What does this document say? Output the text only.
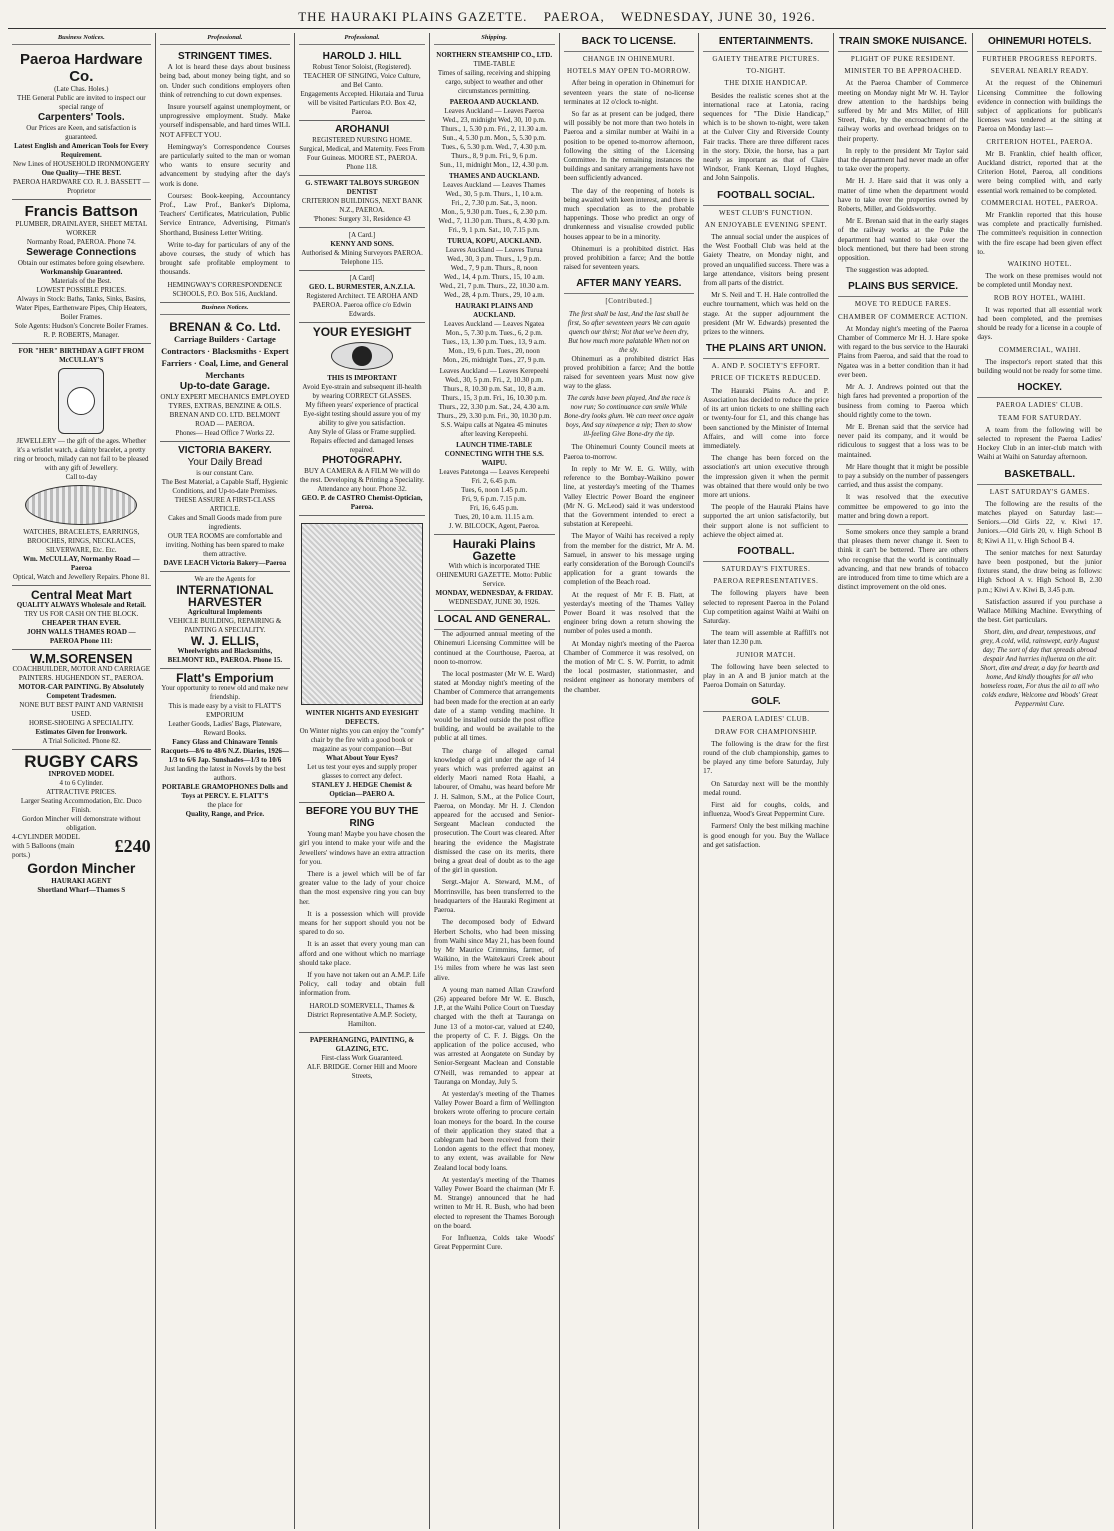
THE HAURAKI PLAINS GAZETTE. PAEROA, WEDNESDAY, JUNE 30, 1926.
Business Notices.
Paeroa Hardware Co.
(Late Chas. Holes.)
THE General Public are invited to inspect our special range of
Carpenters' Tools.
Our Prices are Keen, and satisfaction is guaranteed.
Latest English and American Tools for Every Requirement.
New Lines of HOUSEHOLD IRONMONGERY
One Quality—THE BEST.
PAEROA HARDWARE CO. R. J. BASSETT — Proprietor
Francis Battson
PLUMBER, DRAINLAYER, SHEET METAL WORKER
Normanby Road, PAEROA. Phone 74.
Sewerage Connections
Obtain our estimates before going elsewhere.
Workmanship Guaranteed.
Materials of the Best.
LOWEST POSSIBLE PRICES.
Always in Stock: Baths, Tanks, Sinks, Basins, Water Pipes, Earthenware Pipes, Chip Heaters, Boiler Frames.
Sole Agents: Hudson's Concrete Boiler Frames.
R. P. ROBERTS, Manager.
FOR "HER" BIRTHDAY A GIFT FROM McCULLAY'S
JEWELLERY — the gift of the ages. Whether it's a wristlet watch, a dainty bracelet, a pretty ring or brooch, milady can not fail to be pleased with any gift of Jewellery.
Call to-day
WATCHES, BRACELETS, EARRINGS, BROOCHES, RINGS, NECKLACES, SILVERWARE, Etc. Etc.
Wm. McCULLAY, Normanby Road — Paeroa
Optical, Watch and Jewellery Repairs. Phone 81.
Central Meat Mart
QUALITY ALWAYS Wholesale and Retail.
TRY US FOR CASH ON THE BLOCK.
CHEAPER THAN EVER.
JOHN WALLS THAMES ROAD — PAEROA Phone 111:
W.M.SORENSEN
COACHBUILDER, MOTOR AND CARRIAGE PAINTERS. HUGHENDON ST., PAEROA.
MOTOR-CAR PAINTING. By Absolutely Competent Tradesmen.
NONE BUT BEST PAINT AND VARNISH USED.
HORSE-SHOEING A SPECIALITY.
Estimates Given for Ironwork.
A Trial Solicited. Phone 82.
RUGBY CARS
INPROVED MODEL
4 to 6 Cylinder.
ATTRACTIVE PRICES.
Larger Seating Accommodation, Etc. Duco Finish.
Gordon Mincher will demonstrate without obligation.
4-CYLINDER MODEL with 5 Balloons (main ports.)	£240
Gordon Mincher
HAURAKI AGENT
Shortland Wharf—Thames S
Professional.
STRINGENT TIMES.

A lot is heard these days about business being bad, about money being tight, and so on. Under such conditions employers often think of retrenching to cut down expenses.

Insure yourself against unemployment, or unprogressive employment. Study. Make yourself indispensable, and hard times WILL NOT AFFECT YOU.

Hemingway's Correspondence Courses are particularly suited to the man or woman who wants to ensure security and advancement by studying after the day's work is done.

Courses: Book-keeping, Accountancy Prof., Law Prof., Banker's Diploma, Teachers' Certificates, Matriculation, Public Service Entrance, Advertising, Pitman's Shorthand, Business Letter Writing.

Write to-day for particulars of any of the above courses, the study of which has brought safe profitable employment to thousands.

HEMINGWAY'S CORRESPONDENCE SCHOOLS, P.O. Box 516, Auckland.
Business Notices.
BRENAN & Co. Ltd.
Carriage Builders · Cartage Contractors · Blacksmiths · Expert Farriers · Coal, Lime, and General Merchants
Up-to-date Garage.
ONLY EXPERT MECHANICS EMPLOYED
TYRES, EXTRAS, BENZINE & OILS.
BRENAN AND CO. LTD. BELMONT ROAD — PAEROA.
Phones— Head Office 7 Works 22.
VICTORIA BAKERY.
Your Daily Bread
is our constant Care.
The Best Material, a Capable Staff, Hygienic Conditions, and Up-to-date Premises.
THESE ASSURE A FIRST-CLASS ARTICLE.
Cakes and Small Goods made from pure ingredients.
OUR TEA ROOMS are comfortable and inviting. Nothing has been spared to make them attractive.
DAVE LEACH Victoria Bakery—Paeroa
We are the Agents for
INTERNATIONAL HARVESTER
Agricultural Implements
VEHICLE BUILDING, REPAIRING & PAINTING A SPECIALITY.
W. J. ELLIS,
Wheelwrights and Blacksmiths,
BELMONT RD., PAEROA. Phone 15.
Flatt's Emporium
Your opportunity to renew old and make new friendship.
This is made easy by a visit to FLATT'S EMPORIUM
Leather Goods, Ladies' Bags, Plateware, Reward Books.
Fancy Glass and Chinaware Tennis Racquets—8/6 to 48/6 N.Z. Diaries, 1926—1/3 to 6/6 Jap. Sunshades—1/3 to 10/6
Just landing the latest in Novels by the best authors.
PORTABLE GRAMOPHONES Dolls and Toys at PERCY. E. FLATT'S
the place for
Quality, Range, and Price.
Professional.
HAROLD J. HILL
Robust Tenor Soloist, (Registered). TEACHER OF SINGING, Voice Culture, and Bel Canto.
Engagements Accepted. Hikutaia and Turua will be visited Particulars P.O. Box 42, Paeroa.
AROHANUI
REGISTERED NURSING HOME. Surgical, Medical, and Maternity. Fees From Four Guineas. MOORE ST., PAEROA. Phone 118.
G. STEWART TALBOYS SURGEON DENTIST
CRITERION BUILDINGS, NEXT BANK N.Z., PAEROA.
'Phones: Surgery 31, Residence 43
[A Card.]
KENNY AND SONS.
Authorised & Mining Surveyors PAEROA. Telephone 115.
[A Card]
GEO. L. BURMESTER, A.N.Z.I.A.
Registered Architect. TE AROHA AND PAEROA. Paeroa office c/o Edwin Edwards.
YOUR EYESIGHT
THIS IS IMPORTANT
Avoid Eye-strain and subsequent ill-health by wearing CORRECT GLASSES.
My fifteen years' experience of practical Eye-sight testing should assure you of my ability to give you satisfaction.
Any Style of Glass or Frame supplied. Repairs effected and damaged lenses repaired.
PHOTOGRAPHY.
BUY A CAMERA & A FILM We will do the rest. Developing & Printing a Speciality. Attendance any hour. Phone 32.
GEO. P. de CASTRO Chemist-Optician, Paeroa.
WINTER NIGHTS AND EYESIGHT DEFECTS.
On Winter nights you can enjoy the "comfy" chair by the fire with a good book or magazine as your companion—But
What About Your Eyes?
Let us test your eyes and supply proper glasses to correct any defect.
STANLEY J. HEDGE Chemist & Optician—PAERO A.
BEFORE YOU BUY THE RING

Young man! Maybe you have chosen the girl you intend to make your wife and the Jewellers' windows have an extra attraction for you.

There is a jewel which will be of far greater value to the lady of your choice than the most expensive ring you can buy her.

It is a possession which will provide means for her support should you not be spared to do so.

It is an asset that every young man can afford and one without which no marriage should take place.

If you have not taken out an A.M.P. Life Policy, call today and obtain full information from.

HAROLD SOMERVELL, Thames & District Representative A.M.P. Society, Hamilton.
PAPERHANGING, PAINTING, & GLAZING, ETC.
First-class Work Guaranteed.
ALF. BRIDGE. Corner Hill and Moore Streets,
Shipping.
NORTHERN STEAMSHIP CO., LTD.
TIME-TABLE
Times of sailing, receiving and shipping cargo, subject to weather and other circumstances permitting.
PAEROA AND AUCKLAND.
Leaves Auckland — Leaves Paeroa
Wed., 23, midnight Wed, 30, 10 p.m.
Thurs., 1, 5.30 p.m. Fri., 2, 11.30 a.m.
Sun., 4, 5.30 p.m. Mon., 5, 5.30 p.m.
Tues., 6, 5.30 p.m. Wed., 7, 4.30 p.m.
Thurs., 8, 9 p.m. Fri., 9, 6 p.m.
Sun., 11, midnight Mon., 12, 4.30 p.m.
THAMES AND AUCKLAND.
Leaves Auckland — Leaves Thames
Wed., 30, 5 p.m. Thurs., 1, 10 a.m.
Fri., 2, 7.30 p.m. Sat., 3, noon.
Mon., 5, 9.30 p.m. Tues., 6, 2.30 p.m.
Wed., 7, 11.30 p.m. Thurs., 8, 4.30 p.m.
Fri., 9, 1 p.m. Sat., 10, 7.15 p.m.
TURUA, KOPU, AUCKLAND.
Leaves Auckland — Leaves Turua
Wed., 30, 3 p.m. Thurs., 1, 9 p.m.
Wed., 7, 9 p.m. Thurs., 8, noon
Wed., 14, 4 p.m. Thurs., 15, 10 a.m.
Wed., 21, 7 p.m. Thurs., 22, 10.30 a.m.
Wed., 28, 4 p.m. Thurs., 29, 10 a.m.
HAURAKI PLAINS AND AUCKLAND.
Leaves Auckland — Leaves Ngatea
Mon., 5, 7.30 p.m. Tues., 6, 2 p.m.
Tues., 13, 1.30 p.m. Tues., 13, 9 a.m.
Mon., 19, 6 p.m. Tues., 20, noon
Mon., 26, midnight Tues., 27, 9 p.m.
Leaves Auckland — Leaves Kerepeehi
Wed., 30, 5 p.m. Fri., 2, 10.30 p.m.
Thurs., 8, 10.30 p.m. Sat., 10, 8 a.m.
Thurs., 15, 3 p.m. Fri., 16, 10.30 p.m.
Thurs., 22, 3.30 p.m. Sat., 24, 4.30 a.m.
Thurs., 29, 3.30 p.m. Fri., 30, 10.30 p.m.
S.S. Waipu calls at Ngatea 45 minutes after leaving Kerepeehi.
LAUNCH TIME-TABLE CONNECTING WITH THE S.S. WAIPU.
Leaves Patetonga — Leaves Kerepeehi
Fri. 2, 6.45 p.m.
Tues, 6, noon 1.45 p.m.
Fri, 9, 6 p.m. 7.15 p.m.
Fri, 16, 6.45 p.m.
Tues, 20, 10 a.m. 11.15 a.m.
J. W. BILCOCK, Agent, Paeroa.
Hauraki Plains Gazette
With which is incorporated THE OHINEMURI GAZETTE. Motto: Public Service.
MONDAY, WEDNESDAY, & FRIDAY.
WEDNESDAY, JUNE 30, 1926.
LOCAL AND GENERAL.

The adjourned annual meeting of the Ohinemuri Licensing Committee will be continued at the Courthouse, Paeroa, at noon to-morrow.

The local postmaster (Mr W. E. Ward) stated at Monday night's meeting of the Chamber of Commerce that arrangements had been made for the erection at an early date of a stamp vending machine. It would be installed outside the post office building, and would be available to the public at all times.

The charge of alleged carnal knowledge of a girl under the age of 14 years which was preferred against an elderly Maori named Rota Haahi, a labourer, of Omahu, was heard before Mr J. H. Salmon, S.M., at the Police Court, Paeroa, on Monday. Mr H. J. Clendon appeared for the accused and Senior-Sergeant Maclean conducted the prosecution. The Court was cleared. After hearing the evidence the Magistrate dismissed the case on its merits, there being a great deal of doubt as to the age of the girl in question.

Sergt.-Major A. Steward, M.M., of Morrinsville, has been transferred to the headquarters of the Hauraki Regiment at Paeroa.

The decomposed body of Edward Herbert Scholts, who had been missing from Waihi since May 21, has been found by Mr Maurice Crimmins, farmer, of Waikino, in the Waitekauri Creek about 1½ miles from where he was last seen alive.

A young man named Allan Crawford (26) appeared before Mr W. E. Busch, J.P., at the Waihi Police Court on Tuesday charged with the theft at Tauranga on June 13 of a motor-car, valued at £240, the property of C. F. J. Biggs. On the application of the police accused, who was arrested at Aongatete on Sunday by Senior-Sergeant Maclean and Constable O'Neill, was remanded to appear at Tauranga on Monday, July 5.

At yesterday's meeting of the Thames Valley Power Board a firm of Wellington brokers wrote offering to procure certain loan moneys for the board. In the course of their application they stated that a cablegram had been received from their London agents to the effect that money, to any extent, was available for New Zealand local body loans.

At yesterday's meeting of the Thames Valley Power Board the chairman (Mr F. M. Strange) announced that he had written to Mr H. R. Bush, who had been elected to represent the Thames Borough on the board.

For Influenza, Colds take Woods' Great Peppermint Cure.

BACK TO LICENSE.
CHANGE IN OHINEMURI.
HOTELS MAY OPEN TO-MORROW.

After being in operation in Ohinemuri for seventeen years the state of no-license terminates at 12 o'clock to-night.

So far as at present can be judged, there will possibly be not more than two hotels in Paeroa and a similar number at Waihi in a position to be opened to-morrow afternoon, following the sitting of the Licensing Committee. In the remaining instances the buildings and sanitary arrangements have not been sufficiently advanced.

The day of the reopening of hotels is being awaited with keen interest, and there is much speculation as to the probable happenings. Those who predict an orgy of drunkenness and visualise crowded public houses appear to be in a minority.

Ohinemuri is a prohibited district. Has proved prohibition a farce; And the bottle raised for seventeen years.

AFTER MANY YEARS.
[Contributed.]
The first shall be last, And the last shall be first, So after seventeen years We can again quench our thirst; Not that we've been dry, But how much more palatable When not on the sly.

Ohinemuri as a prohibited district Has proved prohibition a farce; And the bottle raised for seventeen years Must now give way to the glass.

The cards have been played, And the race is now run; So continuance can smile While Bone-dry looks glum. We can meet once again boys, And say ninepence a nip; Then to show ill-feeling Give Bone-dry the tip.

The Ohinemuri County Council meets at Paeroa to-morrow.

In reply to Mr W. E. G. Willy, with reference to the Bombay-Waikino power line, at yesterday's meeting of the Thames Valley Electric Power Board the engineer (Mr N. G. McLeod) said it was understood that the Government intended to erect a substation at Kerepeehi.

The Mayor of Waihi has received a reply from the member for the district, Mr A. M. Samuel, in answer to his message urging early consideration of the Borough Council's application for a grant towards the completion of the Beach road.

At the request of Mr F. B. Flatt, at yesterday's meeting of the Thames Valley Power Board it was resolved that the engineer bring down a return showing the number of poles used a month.

At Monday night's meeting of the Paeroa Chamber of Commerce it was resolved, on the motion of Mr C. S. W. Porritt, to admit the local postmaster, stationmaster, and resident engineer as honorary members of the chamber.

ENTERTAINMENTS.
GAIETY THEATRE PICTURES.
TO-NIGHT.
THE DIXIE HANDICAP.

Besides the realistic scenes shot at the international race at Latonia, racing sequences for "The Dixie Handicap," which is to be shown to-night, were taken at the Culver City and Riverside County Fair tracks. There are three different races in the story. Dixie, the horse, has a part nearly as important as that of Claire Windsor, Frank Keenan, Lloyd Hughes, and John Sainpolis.

FOOTBALL SOCIAL.
WEST CLUB'S FUNCTION.
AN ENJOYABLE EVENING SPENT.

The annual social under the auspices of the West Football Club was held at the Gaiety Theatre, on Monday night, and proved an unqualified success. There was a large attendance, visitors being present from all parts of the district.

Mr S. Neil and T. H. Hale controlled the euchre tournament, which was held on the stage. At the supper adjournment the president (Mr W. Edwards) presented the prizes to the winners.

THE PLAINS ART UNION.
A. AND P. SOCIETY'S EFFORT.
PRICE OF TICKETS REDUCED.

The Hauraki Plains A. and P. Association has decided to reduce the price of its art union tickets to one shilling each or twenty-four for £1, and this change has been sanctioned by the Minister of Internal Affairs, and will come into force immediately.

The change has been forced on the association's art union executive through the impression given it when the permit was obtained that there would only be two more art unions.

The people of the Hauraki Plains have supported the art union satisfactorily, but their support alone is not sufficient to achieve the object aimed at.

FOOTBALL.
SATURDAY'S FIXTURES.
PAEROA REPRESENTATIVES.

The following players have been selected to represent Paeroa in the Poland Cup competition against Waihi at Waihi on Saturday.

The team will assemble at Raffill's not later than 12.30 p.m.

JUNIOR MATCH.

The following have been selected to play in an A and B junior match at the Paeroa Domain on Saturday.

GOLF.
PAEROA LADIES' CLUB.
DRAW FOR CHAMPIONSHIP.

The following is the draw for the first round of the club championship, games to be played any time before Saturday, July 17.

On Saturday next will be the monthly medal round.

First aid for coughs, colds, and influenza, Wood's Great Peppermint Cure.

Farmers! Only the best milking machine is good enough for you. Buy the Wallace and get satisfaction.

TRAIN SMOKE NUISANCE.
PLIGHT OF PUKE RESIDENT.
MINISTER TO BE APPROACHED.

At the Paeroa Chamber of Commerce meeting on Monday night Mr W. H. Taylor drew attention to the hardships being suffered by Mr and Mrs Miller, of Hill Street, Puke, by the encroachment of the railway works and overhead bridges on to their property.

In reply to the president Mr Taylor said that the department had never made an offer to take over the property.

Mr H. J. Hare said that it was only a matter of time when the department would have to take over the properties owned by Roberts, Miller, and Goldsworthy.

Mr E. Brenan said that in the early stages of the railway works at the Puke the department had wanted to take over the block mentioned, but there had been strong opposition.

The suggestion was adopted.

PLAINS BUS SERVICE.
MOVE TO REDUCE FARES.
CHAMBER OF COMMERCE ACTION.

At Monday night's meeting of the Paeroa Chamber of Commerce Mr H. J. Hare spoke with regard to the bus service to the Hauraki Plains from Paeroa, and said that the road to Ngatea was in a better condition than it had ever been.

Mr A. J. Andrews pointed out that the high fares had prevented a proportion of the business from coming to Paeroa which should rightly come to the town.

Mr E. Brenan said that the service had never paid its company, and it would be ridiculous to suggest that a loss was to be maintained.

Mr Hare thought that it might be possible to pay a subsidy on the number of passengers carried, and thus assist the company.

It was resolved that the executive committee be empowered to go into the matter and bring down a report.

Some smokers once they sample a brand that pleases them never change it. Seen to think it can't be bettered. There are others who recognise that the world is continually advancing, and that new brands of tobacco are introduced from time to time which are a distinct improvement on the old ones.

OHINEMURI HOTELS.
FURTHER PROGRESS REPORTS.
SEVERAL NEARLY READY.

At the request of the Ohinemuri Licensing Committee the following evidence in connection with buildings the subject of applications for publican's licenses was tendered at the sitting at Paeroa on Monday last:—

CRITERION HOTEL, PAEROA.

Mr B. Franklin, chief health officer, Auckland district, reported that at the Criterion Hotel, Paeroa, all conditions were being complied with, and early essential work remained to be completed.

COMMERCIAL HOTEL, PAEROA.

Mr Franklin reported that this house was complete and practically furnished. The committee's requisition in connection with the fire escape had been given effect to.

WAIKINO HOTEL.

The work on these premises would not be completed until Monday next.

ROB ROY HOTEL, WAIHI.

It was reported that all essential work had been completed, and the premises should be ready for a license in a couple of days.

COMMERCIAL, WAIHI.

The inspector's report stated that this building would not be ready for some time.

HOCKEY.
PAEROA LADIES' CLUB.
TEAM FOR SATURDAY.

A team from the following will be selected to represent the Paeroa Ladies' Hockey Club in an inter-club match with Waihi at Waihi on Saturday afternoon.

BASKETBALL.
LAST SATURDAY'S GAMES.

The following are the results of the matches played on Saturday last:— Seniors.—Old Girls 22, v. Kiwi 17. Juniors.—Old Girls 20, v. High School B 8; Kiwi A 11, v. High School B 4.

The senior matches for next Saturday have been postponed, but the junior fixtures stand, the draw being as follows: High School A v. High School B, 2.30 p.m.; Kiwi A v. Kiwi B, 3.45 p.m.

Satisfaction assured if you purchase a Wallace Milking Machine. Everything of the best. Get particulars.

Short, dim, and drear, tempestuous, and grey, A cold, wild, rainswept, early August day; The sort of day that spreads abroad despair And hurries influenza on the air. Short, dim and drear, a day for hearth and home, And kindly thoughts for all who homeless roam, For thus the ail to all who colds endure, Welcome and Woods' Great Peppermint Cure.
